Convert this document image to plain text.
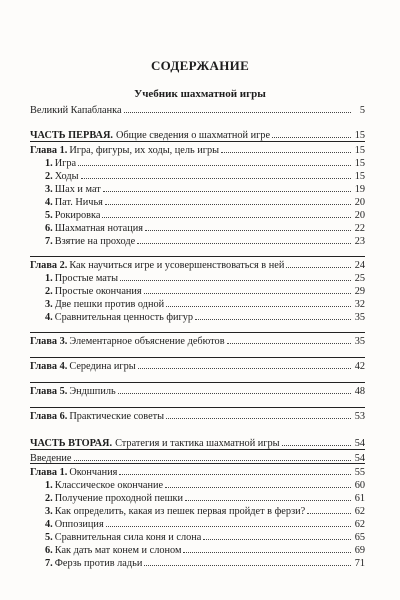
СОДЕРЖАНИЕ
Учебник шахматной игры
Великий Капабланка	5
ЧАСТЬ ПЕРВАЯ. Общие сведения о шахматной игре	15
Глава 1. Игра, фигуры, их ходы, цель игры	15
1. Игра	15
2. Ходы	15
3. Шах и мат	19
4. Пат. Ничья	20
5. Рокировка	20
6. Шахматная нотация	22
7. Взятие на проходе	23
Глава 2. Как научиться игре и усовершенствоваться в ней	24
1. Простые маты	25
2. Простые окончания	29
3. Две пешки против одной	32
4. Сравнительная ценность фигур	35
Глава 3. Элементарное объяснение дебютов	35
Глава 4. Середина игры	42
Глава 5. Эндшпиль	48
Глава 6. Практические советы	53
ЧАСТЬ ВТОРАЯ. Стратегия и тактика шахматной игры	54
Введение	54
Глава 1. Окончания	55
1. Классическое окончание	60
2. Получение проходной пешки	61
3. Как определить, какая из пешек первая пройдет в ферзи?	62
4. Оппозиция	62
5. Сравнительная сила коня и слона	65
6. Как дать мат конем и слоном	69
7. Ферзь против ладьи	71
